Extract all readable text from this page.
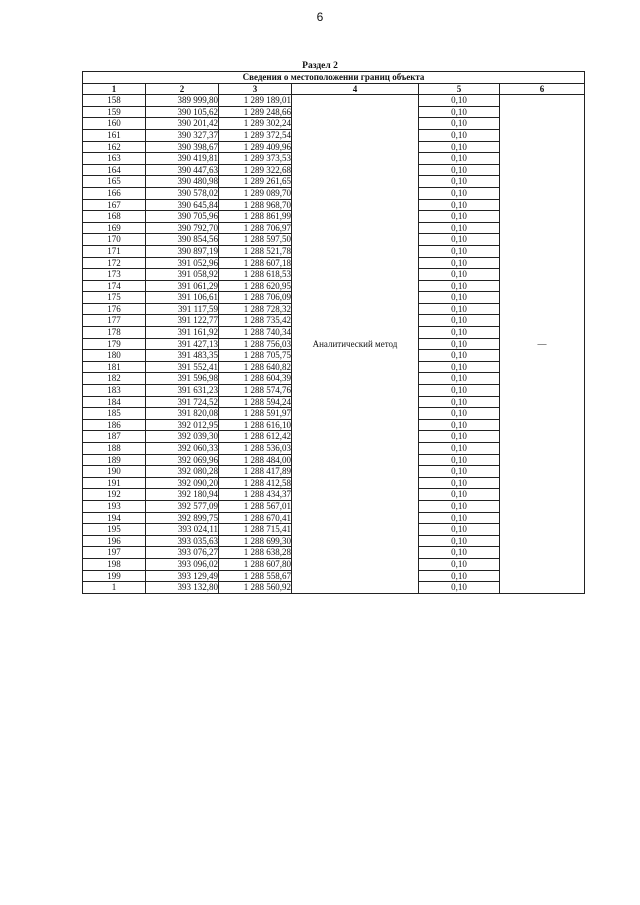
6
Раздел 2
Сведения о местоположении границ объекта					
1	2	3	4	5	6
158	389 999,80	1 289 189,01	Аналитический метод	0,10	—
159	390 105,62	1 289 248,66		0,10	
160	390 201,42	1 289 302,24		0,10	
161	390 327,37	1 289 372,54		0,10	
162	390 398,67	1 289 409,96		0,10	
163	390 419,81	1 289 373,53		0,10	
164	390 447,63	1 289 322,68		0,10	
165	390 480,98	1 289 261,65		0,10	
166	390 578,02	1 289 089,70		0,10	
167	390 645,84	1 288 968,70		0,10	
168	390 705,96	1 288 861,99		0,10	
169	390 792,70	1 288 706,97		0,10	
170	390 854,56	1 288 597,50		0,10	
171	390 897,19	1 288 521,78		0,10	
172	391 052,96	1 288 607,18		0,10	
173	391 058,92	1 288 618,53		0,10	
174	391 061,29	1 288 620,95		0,10	
175	391 106,61	1 288 706,09		0,10	
176	391 117,59	1 288 728,32		0,10	
177	391 122,77	1 288 735,42		0,10	
178	391 161,92	1 288 740,34		0,10	
179	391 427,13	1 288 756,03		0,10	
180	391 483,35	1 288 705,75		0,10	
181	391 552,41	1 288 640,82		0,10	
182	391 596,98	1 288 604,39		0,10	
183	391 631,23	1 288 574,76		0,10	
184	391 724,52	1 288 594,24		0,10	
185	391 820,08	1 288 591,97		0,10	
186	392 012,95	1 288 616,10		0,10	
187	392 039,30	1 288 612,42		0,10	
188	392 060,33	1 288 536,03		0,10	
189	392 069,96	1 288 484,00		0,10	
190	392 080,28	1 288 417,89		0,10	
191	392 090,20	1 288 412,58		0,10	
192	392 180,94	1 288 434,37		0,10	
193	392 577,09	1 288 567,01		0,10	
194	392 899,75	1 288 670,41		0,10	
195	393 024,11	1 288 715,41		0,10	
196	393 035,63	1 288 699,30		0,10	
197	393 076,27	1 288 638,28		0,10	
198	393 096,02	1 288 607,80		0,10	
199	393 129,49	1 288 558,67		0,10	
1	393 132,80	1 288 560,92		0,10	
